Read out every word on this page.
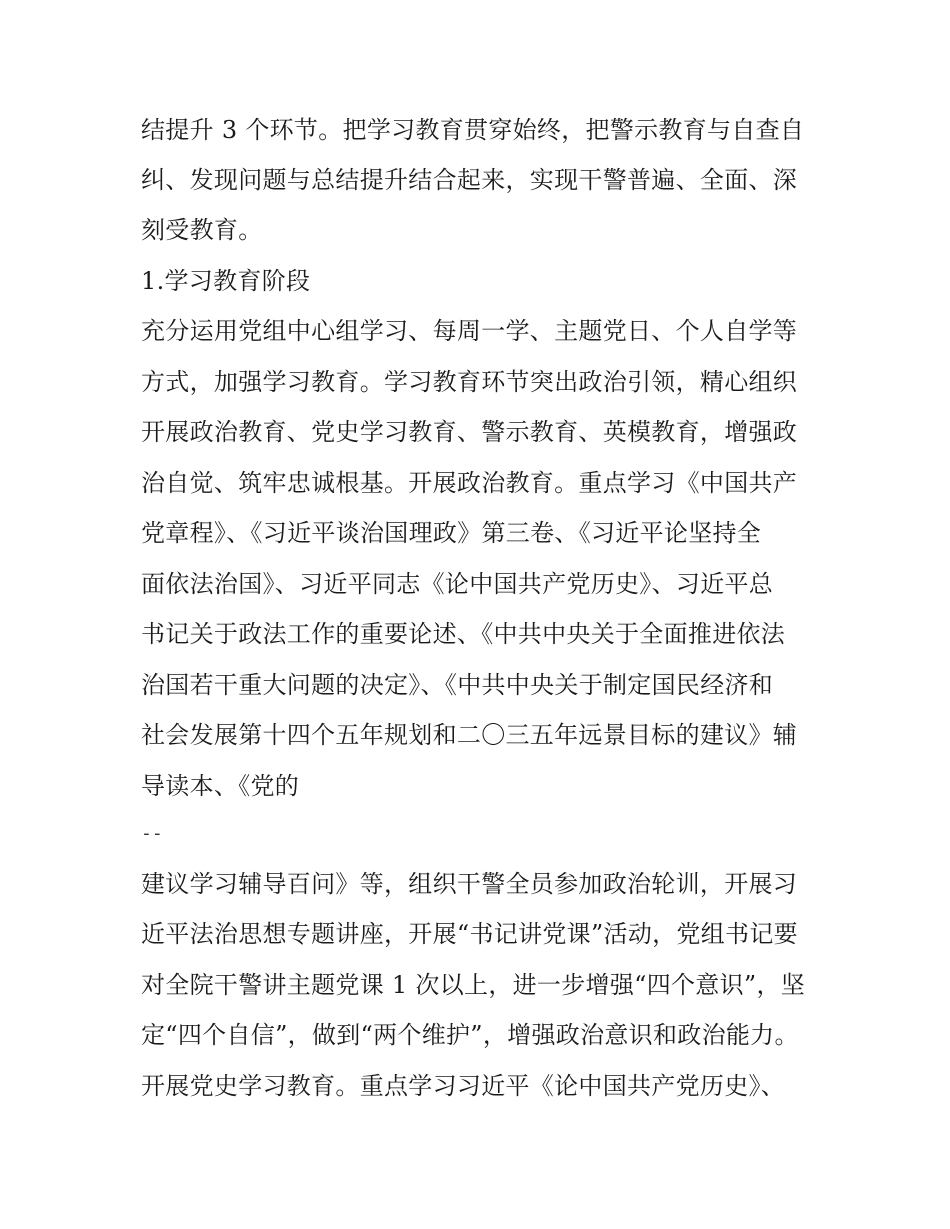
结提升 3 个环节。把学习教育贯穿始终，把警示教育与自查自
纠、发现问题与总结提升结合起来，实现干警普遍、全面、深
刻受教育。
1.学习教育阶段
充分运用党组中心组学习、每周一学、主题党日、个人自学等
方式，加强学习教育。学习教育环节突出政治引领，精心组织
开展政治教育、党史学习教育、警示教育、英模教育，增强政
治自觉、筑牢忠诚根基。开展政治教育。重点学习《中国共产
党章程》、《习近平谈治国理政》第三卷、《习近平论坚持全
面依法治国》、习近平同志《论中国共产党历史》、习近平总
书记关于政法工作的重要论述、《中共中央关于全面推进依法
治国若干重大问题的决定》、《中共中央关于制定国民经济和
社会发展第十四个五年规划和二〇三五年远景目标的建议》辅
导读本、《党的
--
建议学习辅导百问》等，组织干警全员参加政治轮训，开展习
近平法治思想专题讲座，开展“书记讲党课”活动，党组书记要
对全院干警讲主题党课 1 次以上，进一步增强“四个意识”，坚
定“四个自信”，做到“两个维护”，增强政治意识和政治能力。
开展党史学习教育。重点学习习近平《论中国共产党历史》、
